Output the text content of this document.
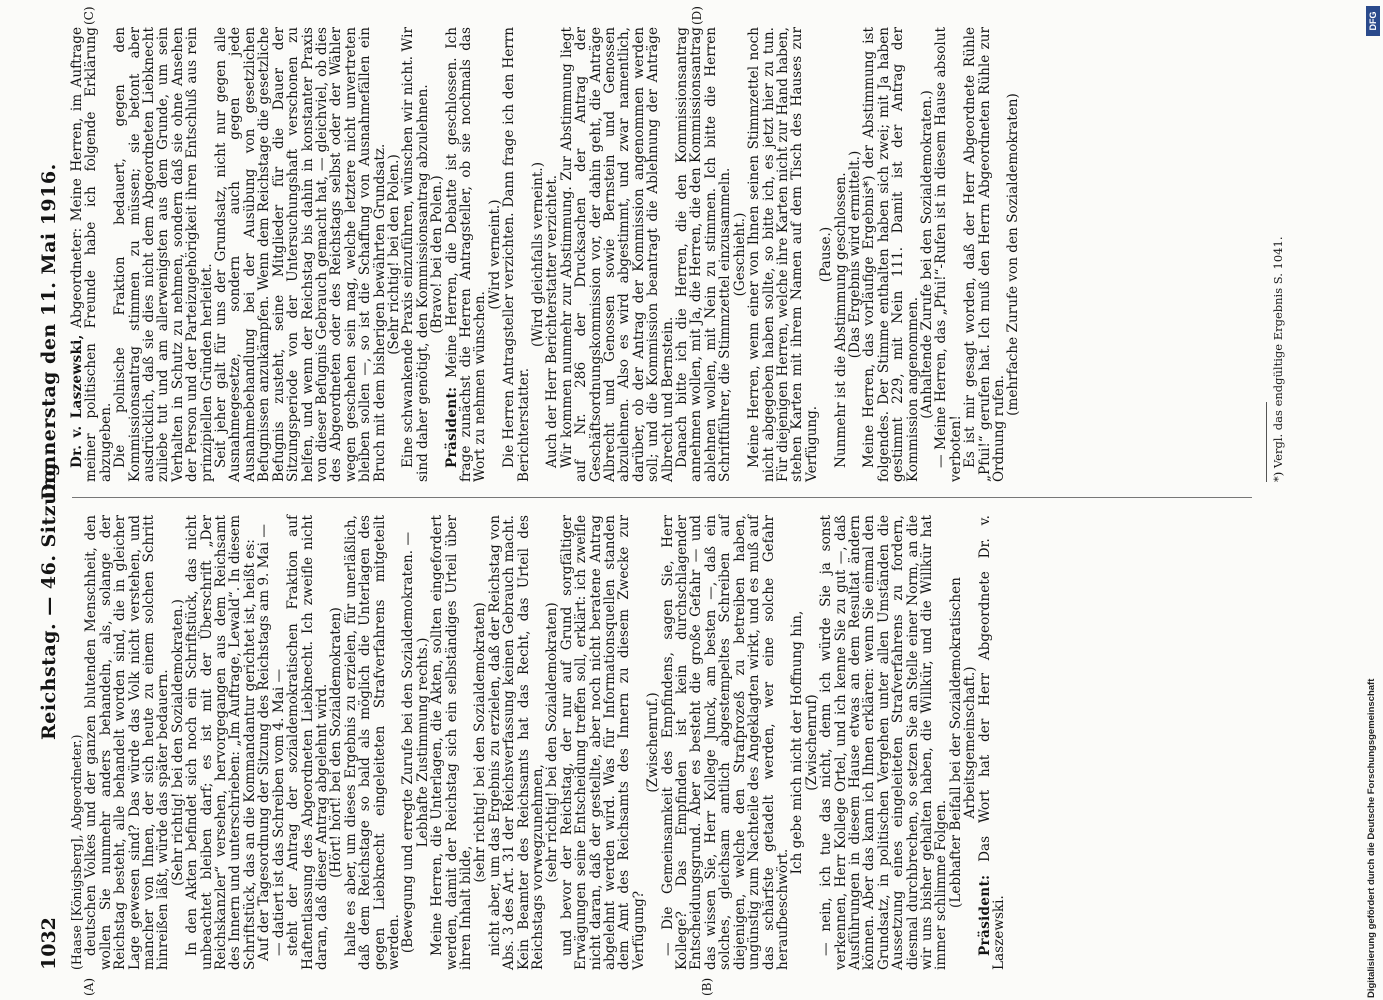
1032
Reichstag. — 46. Sitzung.
Donnerstag den 11. Mai 1916.
(A)	(B)
(C)	(D)

(Haase [Königsberg], Abgeordneter.) deutschen Volkes und der ganzen blutenden Menschheit, den wollen Sie nunmehr anders behandeln, als, solange der Reichstag besteht, alle behandelt worden sind, die in gleicher Lage gewesen sind? Das würde das Volk nicht verstehen, und mancher von Ihnen, der sich heute zu einem solchen Schritt hinreißen läßt, würde das später bedauern.

(Sehr richtig! bei den Sozialdemokraten.)

In den Akten befindet sich noch ein Schriftstück, das nicht unbeachtet bleiben darf; es ist mit der Überschrift „Der Reichskanzler“ versehen, hervorgegangen aus dem Reichsamt des Innern und unterschrieben: „Im Auftrage, Lewald“. In diesem Schriftstück, das an die Kommandantur gerichtet ist, heißt es:

Auf der Tagesordnung der Sitzung des Reichstags am 9. Mai —

— datiert ist das Schreiben vom 4. Mai —

steht der Antrag der sozialdemokratischen Fraktion auf Haftentlassung des Abgeordneten Liebknecht. Ich zweifle nicht daran, daß dieser Antrag abgelehnt wird.

(Hört! hört! bei den Sozialdemokraten)

halte es aber, um dieses Ergebnis zu erzielen, für unerläßlich, daß dem Reichstage so bald als möglich die Unterlagen des gegen Liebknecht eingeleiteten Strafverfahrens mitgeteilt werden.

(Bewegung und erregte Zurufe bei den Sozialdemokraten. — Lebhafte Zustimmung rechts.)

Meine Herren, die Unterlagen, die Akten, sollten eingefordert werden, damit der Reichstag sich ein selbständiges Urteil über ihren Inhalt bilde,

(sehr richtig! bei den Sozialdemokraten)

nicht aber, um das Ergebnis zu erzielen, daß der Reichstag von Abs. 3 des Art. 31 der Reichsverfassung keinen Gebrauch macht. Kein Beamter des Reichsamts hat das Recht, das Urteil des Reichstags vorwegzunehmen,

(sehr richtig! bei den Sozialdemokraten)

und bevor der Reichstag, der nur auf Grund sorgfältiger Erwägungen seine Entscheidung treffen soll, erklärt: ich zweifle nicht daran, daß der gestellte, aber noch nicht beratene Antrag abgelehnt werden wird. Was für Informationsquellen standen dem Amt des Reichsamts des Innern zu diesem Zwecke zur Verfügung?

(Zwischenruf.)

— Die Gemeinsamkeit des Empfindens, sagen Sie, Herr Kollege? Das Empfinden ist kein durchschlagender Entscheidungsgrund. Aber es besteht die große Gefahr — und das wissen Sie, Herr Kollege Junck, am besten —, daß ein solches, gleichsam amtlich abgestempeltes Schreiben auf diejenigen, welche den Strafprozeß zu betreiben haben, ungünstig zum Nachteile des Angeklagten wirkt, und es muß auf das schärfste getadelt werden, wer eine solche Gefahr heraufbeschwört.

Ich gebe mich nicht der Hoffnung hin,

(Zwischenruf)

— nein, ich tue das nicht, denn ich würde Sie ja sonst verkennen, Herr Kollege Ortel, und ich kenne Sie zu gut —, daß Ausführungen in diesem Hause etwas an dem Resultat ändern können. Aber das kann ich Ihnen erklären: wenn Sie einmal den Grundsatz, in politischen Vergehen unter allen Umständen die Aussetzung eines eingeleiteten Strafverfahrens zu fordern, diesmal durchbrechen, so setzen Sie an Stelle einer Norm, an die wir uns bisher gehalten haben, die Willkür, und die Willkür hat immer schlimme Folgen.

(Lebhafter Beifall bei der Sozialdemokratischen Arbeitsgemeinschaft.)

Präsident: Das Wort hat der Herr Abgeordnete Dr. v. Laszewski.

Dr. v. Laszewski, Abgeordneter: Meine Herren, im Auftrage meiner politischen Freunde habe ich folgende Erklärung abzugeben.

Die polnische Fraktion bedauert, gegen den Kommissionsantrag stimmen zu müssen; sie betont aber ausdrücklich, daß sie dies nicht dem Abgeordneten Liebknecht zuliebe tut und am allerwenigsten aus dem Grunde, um sein Verhalten in Schutz zu nehmen, sondern daß sie ohne Ansehen der Person und der Parteizugehörigkeit ihren Entschluß aus rein prinzipiellen Gründen herleitet.

Seit jeher galt für uns der Grundsatz, nicht nur gegen alle Ausnahmegesetze, sondern auch gegen jede Ausnahmebehandlung bei der Ausübung von gesetzlichen Befugnissen anzukämpfen. Wenn dem Reichstage die gesetzliche Befugnis zusteht, seine Mitglieder für die Dauer der Sitzungsperiode von der Untersuchungshaft verschonen zu helfen, und wenn der Reichstag bis dahin in konstanter Praxis von dieser Befugnis Gebrauch gemacht hat, — gleichviel, ob dies des Abgeordneten oder des Reichstags selbst oder der Wähler wegen geschehen sein mag, welche letztere nicht unvertreten bleiben sollen —, so ist die Schaffung von Ausnahmefällen ein Bruch mit dem bisherigen bewährten Grundsatz.

(Sehr richtig! bei den Polen.)

Eine schwankende Praxis einzuführen, wünschen wir nicht. Wir sind daher genötigt, den Kommissionsantrag abzulehnen.

(Bravo! bei den Polen.)

Präsident: Meine Herren, die Debatte ist geschlossen. Ich frage zunächst die Herren Antragsteller, ob sie nochmals das Wort zu nehmen wünschen.

(Wird verneint.)

Die Herren Antragsteller verzichten. Dann frage ich den Herrn Berichterstatter.

(Wird gleichfalls verneint.)

Auch der Herr Berichterstatter verzichtet.

Wir kommen nunmehr zur Abstimmung. Zur Abstimmung liegt auf Nr. 286 der Drucksachen der Antrag der Geschäftsordnungskommission vor, der dahin geht, die Anträge Albrecht und Genossen sowie Bernstein und Genossen abzulehnen. Also es wird abgestimmt, und zwar namentlich, darüber, ob der Antrag der Kommission angenommen werden soll; und die Kommission beantragt die Ablehnung der Anträge Albrecht und Bernstein.

Danach bitte ich die Herren, die den Kommissionsantrag annehmen wollen, mit Ja, die Herren, die den Kommissionsantrag ablehnen wollen, mit Nein zu stimmen. Ich bitte die Herren Schriftführer, die Stimmzettel einzusammeln.

(Geschieht.)

Meine Herren, wenn einer von Ihnen seinen Stimmzettel noch nicht abgegeben haben sollte, so bitte ich, es jetzt hier zu tun. Für diejenigen Herren, welche ihre Karten nicht zur Hand haben, stehen Karten mit ihrem Namen auf dem Tisch des Hauses zur Verfügung.

(Pause.)

Nunmehr ist die Abstimmung geschlossen.

(Das Ergebnis wird ermittelt.)

Meine Herren, das vorläufige Ergebnis*) der Abstimmung ist folgendes. Der Stimme enthalten haben sich zwei; mit Ja haben gestimmt 229, mit Nein 111. Damit ist der Antrag der Kommission angenommen.

(Anhaltende Zurufe bei den Sozialdemokraten.)

— Meine Herren, das „Pfui!“-Rufen ist in diesem Hause absolut verboten!

Es ist mir gesagt worden, daß der Herr Abgeordnete Rühle „Pfui!“ gerufen hat. Ich muß den Herrn Abgeordneten Rühle zur Ordnung rufen.

(mehrfache Zurufe von den Sozialdemokraten)	*) Vergl. das endgültige Ergebnis S. 1041.
DFG
Digitalisierung gefördert durch die Deutsche Forschungsgemeinschaft
